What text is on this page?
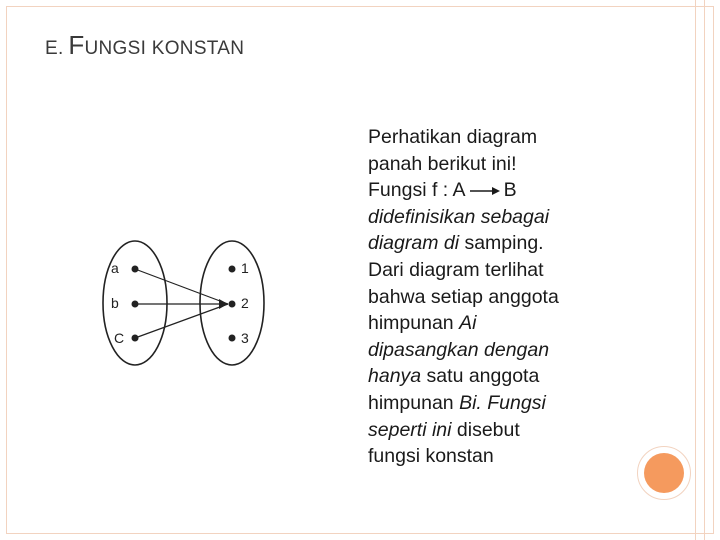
E. FUNGSI KONSTAN
a
b
C
1
2
3
Perhatikan diagram
panah berikut ini!
Fungsi f : A B
didefinisikan sebagai
diagram di samping.
Dari diagram terlihat
bahwa setiap anggota
himpunan Ai
dipasangkan dengan
hanya satu anggota
himpunan Bi. Fungsi
seperti ini disebut
fungsi konstan
